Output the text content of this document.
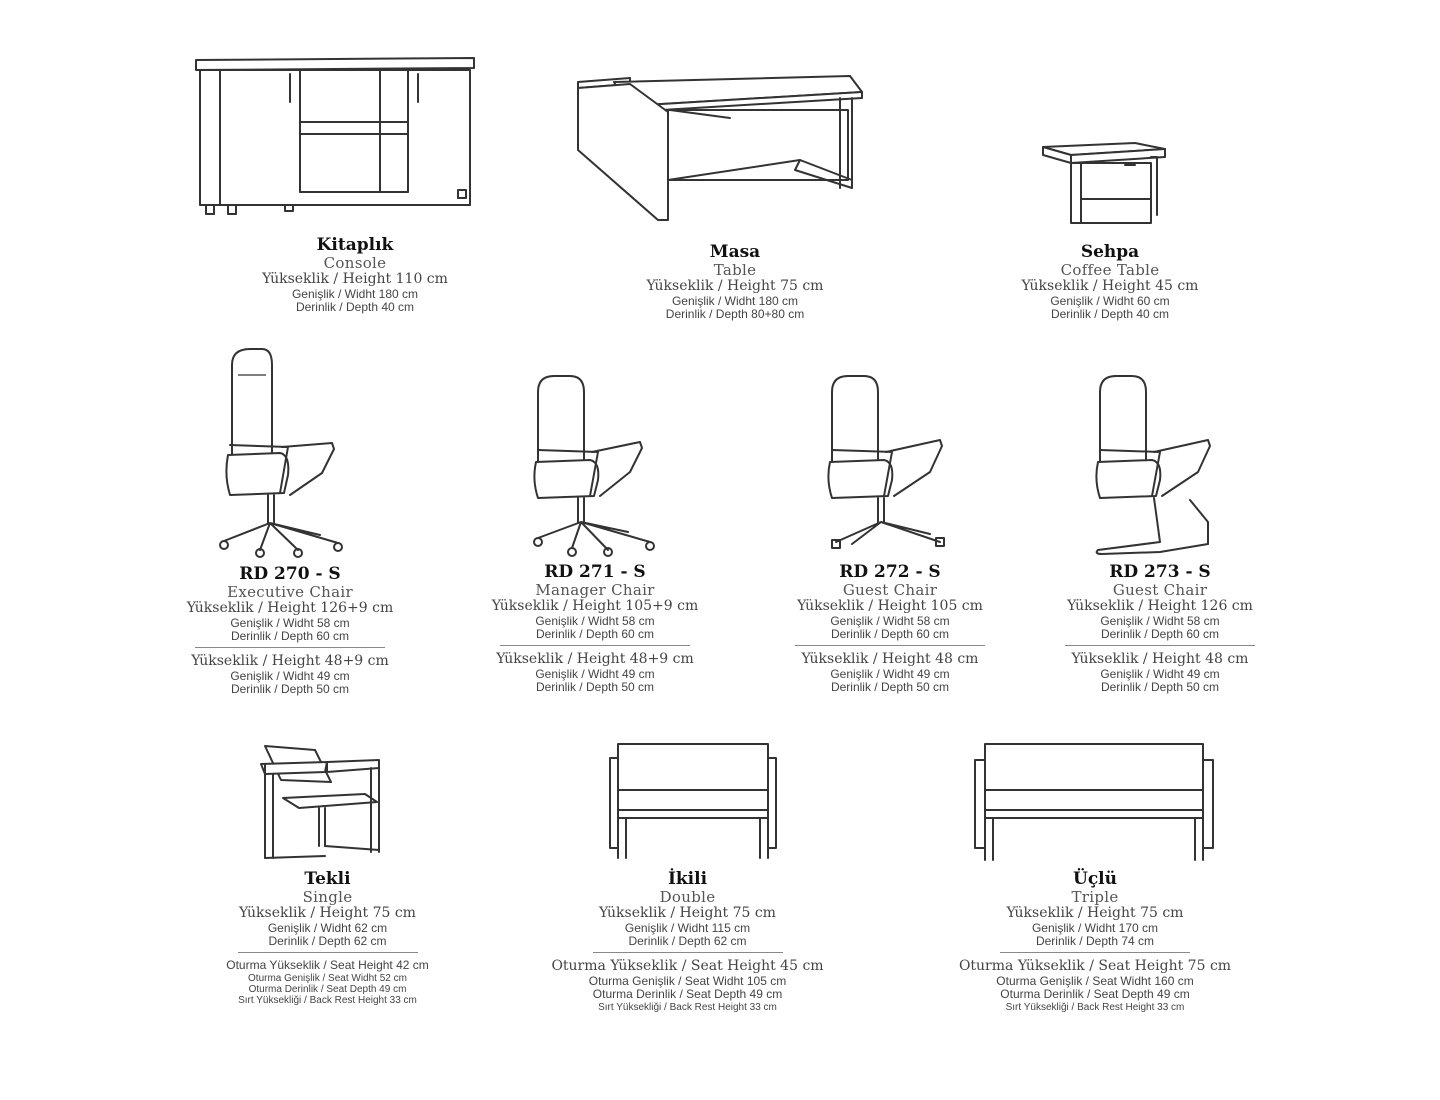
Kitaplık
Console
Yükseklik / Height 110 cm
Genişlik / Widht 180 cm
Derinlik / Depth 40 cm
Masa
Table
Yükseklik / Height 75 cm
Genişlik / Widht 180 cm
Derinlik / Depth 80+80 cm
Sehpa
Coffee Table
Yükseklik / Height 45 cm
Genişlik / Widht 60 cm
Derinlik / Depth 40 cm
RD 270 - S
Executive Chair
Yükseklik / Height 126+9 cm
Genişlik / Widht 58 cm
Derinlik / Depth 60 cm
Yükseklik / Height 48+9 cm
Genişlik / Widht 49 cm
Derinlik / Depth 50 cm
RD 271 - S
Manager Chair
Yükseklik / Height 105+9 cm
Genişlik / Widht 58 cm
Derinlik / Depth 60 cm
Yükseklik / Height 48+9 cm
Genişlik / Widht 49 cm
Derinlik / Depth 50 cm
RD 272 - S
Guest Chair
Yükseklik / Height 105 cm
Genişlik / Widht 58 cm
Derinlik / Depth 60 cm
Yükseklik / Height 48 cm
Genişlik / Widht 49 cm
Derinlik / Depth 50 cm
RD 273 - S
Guest Chair
Yükseklik / Height 126 cm
Genişlik / Widht 58 cm
Derinlik / Depth 60 cm
Yükseklik / Height 48 cm
Genişlik / Widht 49 cm
Derinlik / Depth 50 cm
Tekli
Single
Yükseklik / Height 75 cm
Genişlik / Widht 62 cm
Derinlik / Depth 62 cm
Oturma Yükseklik / Seat Height 42 cm
Oturma Genişlik / Seat Widht 52 cm
Oturma Derinlik / Seat Depth 49 cm
Sırt Yüksekliği / Back Rest Height 33 cm
İkili
Double
Yükseklik / Height 75 cm
Genişlik / Widht 115 cm
Derinlik / Depth 62 cm
Oturma Yükseklik / Seat Height 45 cm
Oturma Genişlik / Seat Widht 105 cm
Oturma Derinlik / Seat Depth 49 cm
Sırt Yüksekliği / Back Rest Height 33 cm
Üçlü
Triple
Yükseklik / Height 75 cm
Genişlik / Widht 170 cm
Derinlik / Depth 74 cm
Oturma Yükseklik / Seat Height 75 cm
Oturma Genişlik / Seat Widht 160 cm
Oturma Derinlik / Seat Depth 49 cm
Sırt Yüksekliği / Back Rest Height 33 cm
